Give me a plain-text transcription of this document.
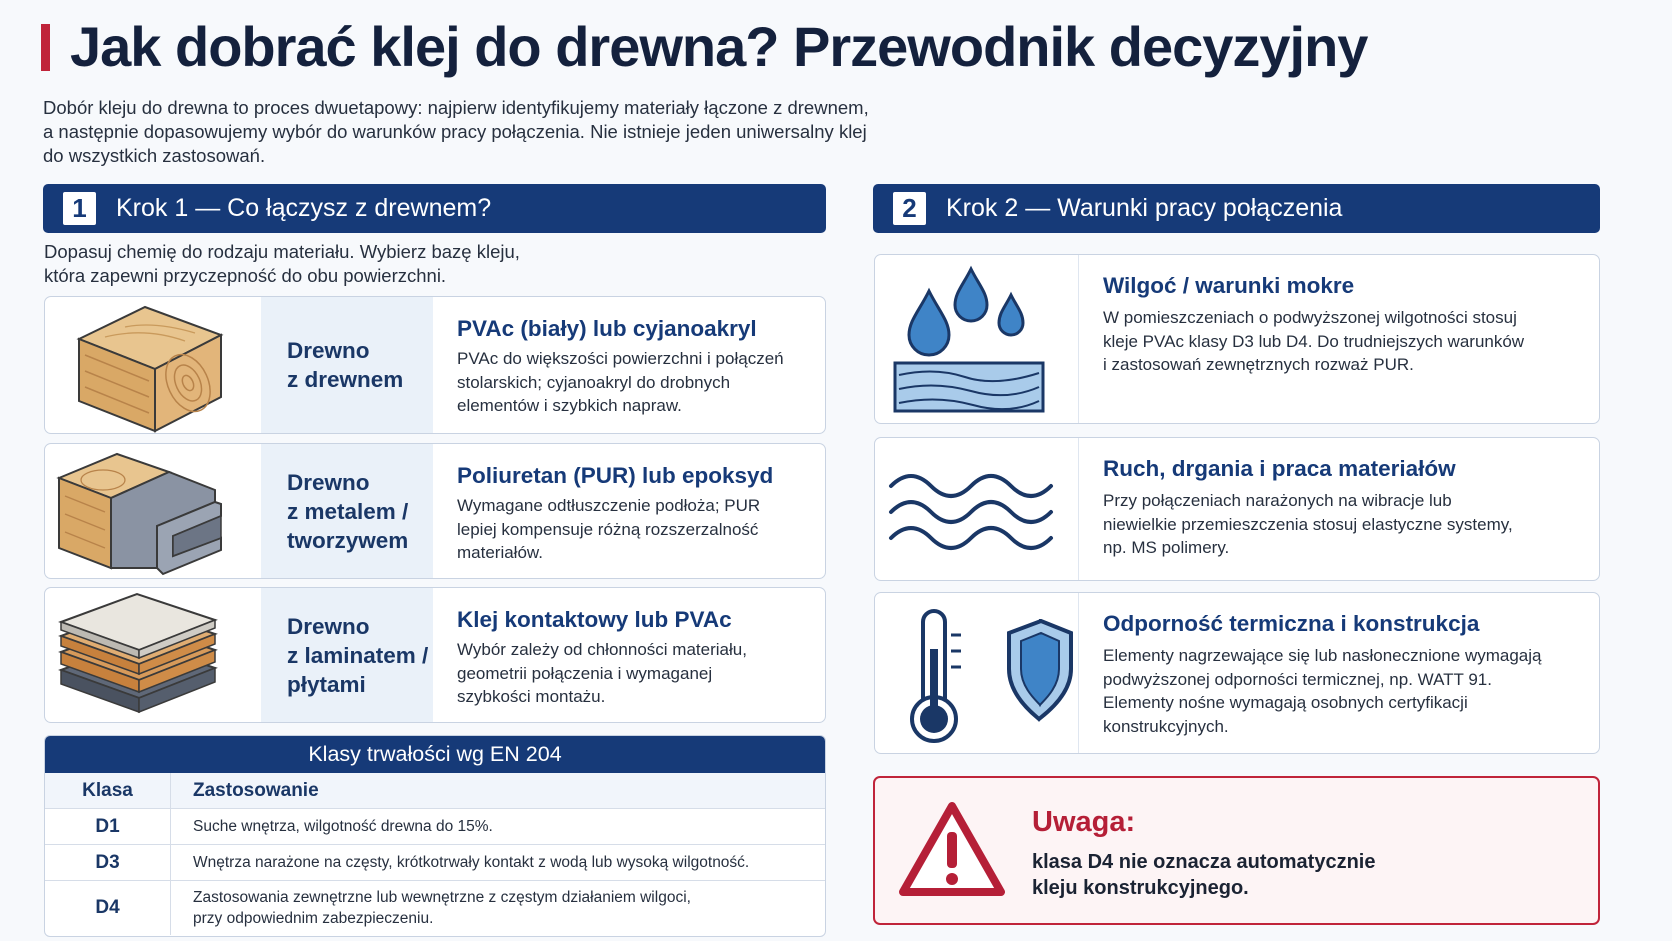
Jak dobrać klej do drewna? Przewodnik decyzyjny
Dobór kleju do drewna to proces dwuetapowy: najpierw identyfikujemy materiały łączone z drewnem,
a następnie dopasowujemy wybór do warunków pracy połączenia. Nie istnieje jeden uniwersalny klej
do wszystkich zastosowań.
1	Krok 1 — Co łączysz z drewnem?
Dopasuj chemię do rodzaju materiału. Wybierz bazę kleju,
która zapewni przyczepność do obu powierzchni.
Drewno
z drewnem
PVAc (biały) lub cyjanoakryl
PVAc do większości powierzchni i połączeń
stolarskich; cyjanoakryl do drobnych
elementów i szybkich napraw.
Drewno
z metalem /
tworzywem
Poliuretan (PUR) lub epoksyd
Wymagane odtłuszczenie podłoża; PUR
lepiej kompensuje różną rozszerzalność
materiałów.
Drewno
z laminatem /
płytami
Klej kontaktowy lub PVAc
Wybór zależy od chłonności materiału,
geometrii połączenia i wymaganej
szybkości montażu.
Klasy trwałości wg EN 204
Klasa	Zastosowanie
D1	Suche wnętrza, wilgotność drewna do 15%.
D3	Wnętrza narażone na częsty, krótkotrwały kontakt z wodą lub wysoką wilgotność.
D4	Zastosowania zewnętrzne lub wewnętrzne z częstym działaniem wilgoci,
przy odpowiednim zabezpieczeniu.
2	Krok 2 — Warunki pracy połączenia
Wilgoć / warunki mokre
W pomieszczeniach o podwyższonej wilgotności stosuj
kleje PVAc klasy D3 lub D4. Do trudniejszych warunków
i zastosowań zewnętrznych rozważ PUR.
Ruch, drgania i praca materiałów
Przy połączeniach narażonych na wibracje lub
niewielkie przemieszczenia stosuj elastyczne systemy,
np. MS polimery.
Odporność termiczna i konstrukcja
Elementy nagrzewające się lub nasłonecznione wymagają
podwyższonej odporności termicznej, np. WATT 91.
Elementy nośne wymagają osobnych certyfikacji
konstrukcyjnych.
Uwaga:
klasa D4 nie oznacza automatycznie
kleju konstrukcyjnego.
